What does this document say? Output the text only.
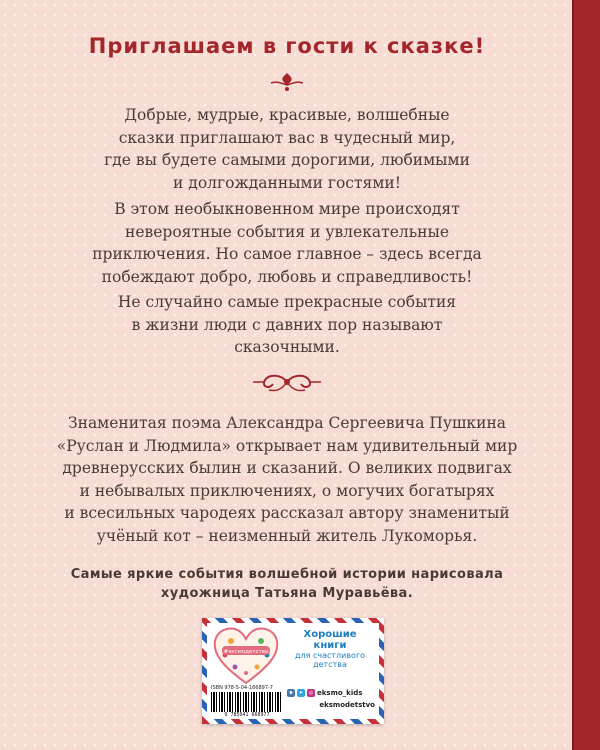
Приглашаем в гости к сказке!
Добрые, мудрые, красивые, волшебные
сказки приглашают вас в чудесный мир,
где вы будете самыми дорогими, любимыми
и долгожданными гостями!
В этом необыкновенном мире происходят
невероятные события и увлекательные
приключения. Но самое главное – здесь всегда
побеждают добро, любовь и справедливость!
Не случайно самые прекрасные события
в жизни люди с давних пор называют
сказочными.
Знаменитая поэма Александра Сергеевича Пушкина
«Руслан и Людмила» открывает нам удивительный мир
древнерусских былин и сказаний. О великих подвигах
и небывалых приключениях, о могучих богатырях
и всесильных чародеях рассказал автору знаменитый
учёный кот – неизменный житель Лукоморья.
Самые яркие события волшебной истории нарисовала
художница Татьяна Муравьёва.
#эксмодетство
Хорошие
книги
для счастливого
детства
ISBN 978-5-04-166897-7
9 785041 668977
в	➤	◎ eksmo_kids
eksmodetstvo
